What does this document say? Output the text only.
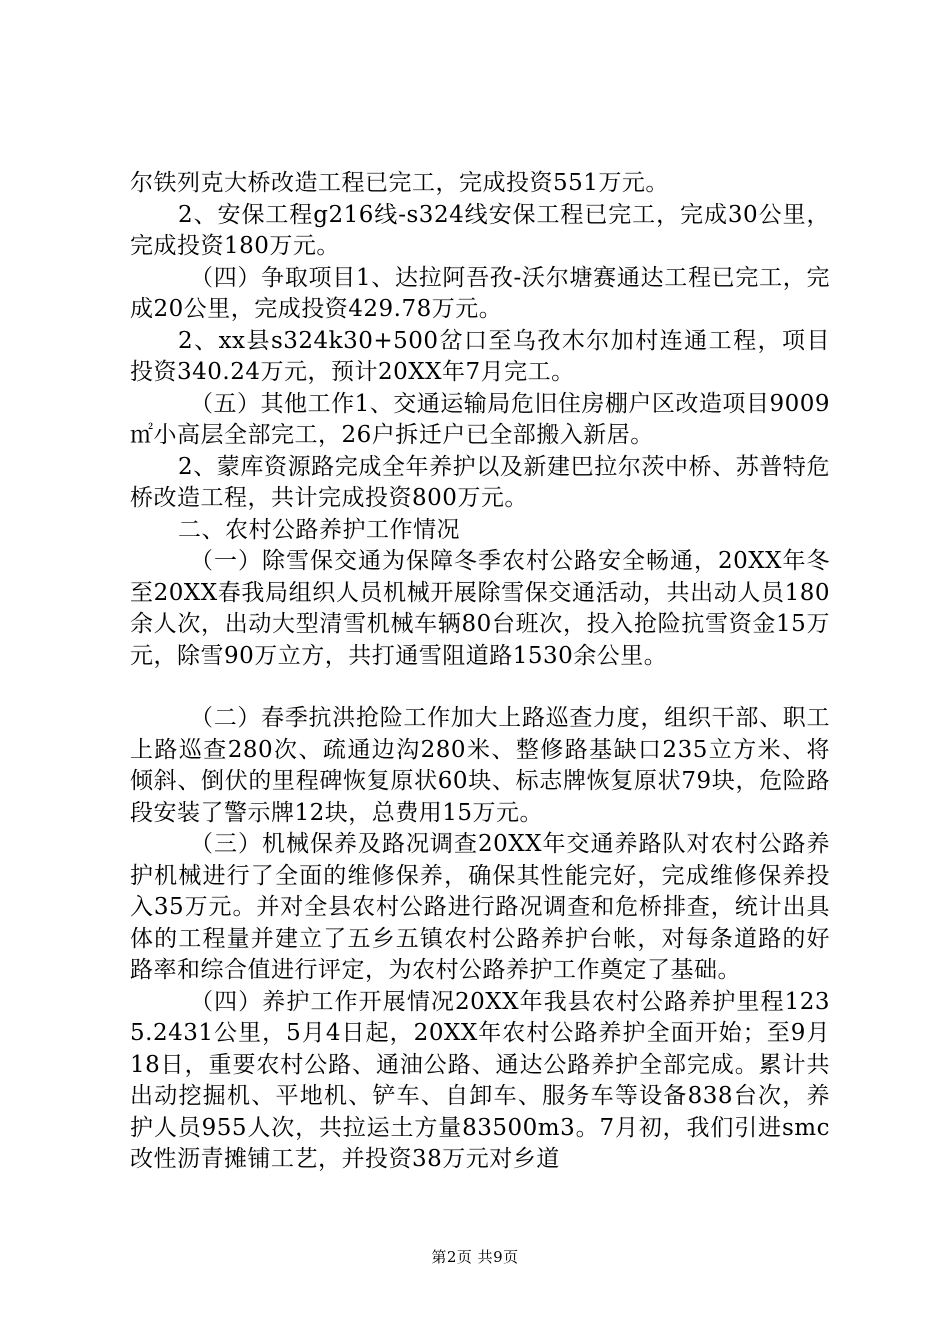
尔铁列克大桥改造工程已完工，完成投资551万元。

2、安保工程g216线-s324线安保工程已完工，完成30公里，完成投资180万元。

（四）争取项目1、达拉阿吾孜-沃尔塘赛通达工程已完工，完成20公里，完成投资429.78万元。

2、xx县s324k30+500岔口至乌孜木尔加村连通工程，项目投资340.24万元，预计20XX年7月完工。

（五）其他工作1、交通运输局危旧住房棚户区改造项目9009㎡小高层全部完工，26户拆迁户已全部搬入新居。

2、蒙库资源路完成全年养护以及新建巴拉尔茨中桥、苏普特危桥改造工程，共计完成投资800万元。

二、农村公路养护工作情况

（一）除雪保交通为保障冬季农村公路安全畅通，20XX年冬至20XX春我局组织人员机械开展除雪保交通活动，共出动人员180余人次，出动大型清雪机械车辆80台班次，投入抢险抗雪资金15万元，除雪90万立方，共打通雪阻道路1530余公里。

（二）春季抗洪抢险工作加大上路巡查力度，组织干部、职工上路巡查280次、疏通边沟280米、整修路基缺口235立方米、将倾斜、倒伏的里程碑恢复原状60块、标志牌恢复原状79块，危险路段安装了警示牌12块，总费用15万元。

（三）机械保养及路况调查20XX年交通养路队对农村公路养护机械进行了全面的维修保养，确保其性能完好，完成维修保养投入35万元。并对全县农村公路进行路况调查和危桥排查，统计出具体的工程量并建立了五乡五镇农村公路养护台帐，对每条道路的好路率和综合值进行评定，为农村公路养护工作奠定了基础。

（四）养护工作开展情况20XX年我县农村公路养护里程1235.2431公里，5月4日起，20XX年农村公路养护全面开始；至9月18日，重要农村公路、通油公路、通达公路养护全部完成。累计共出动挖掘机、平地机、铲车、自卸车、服务车等设备838台次，养护人员955人次，共拉运土方量83500m3。7月初，我们引进smc改性沥青摊铺工艺，并投资38万元对乡道

第2页 共9页
